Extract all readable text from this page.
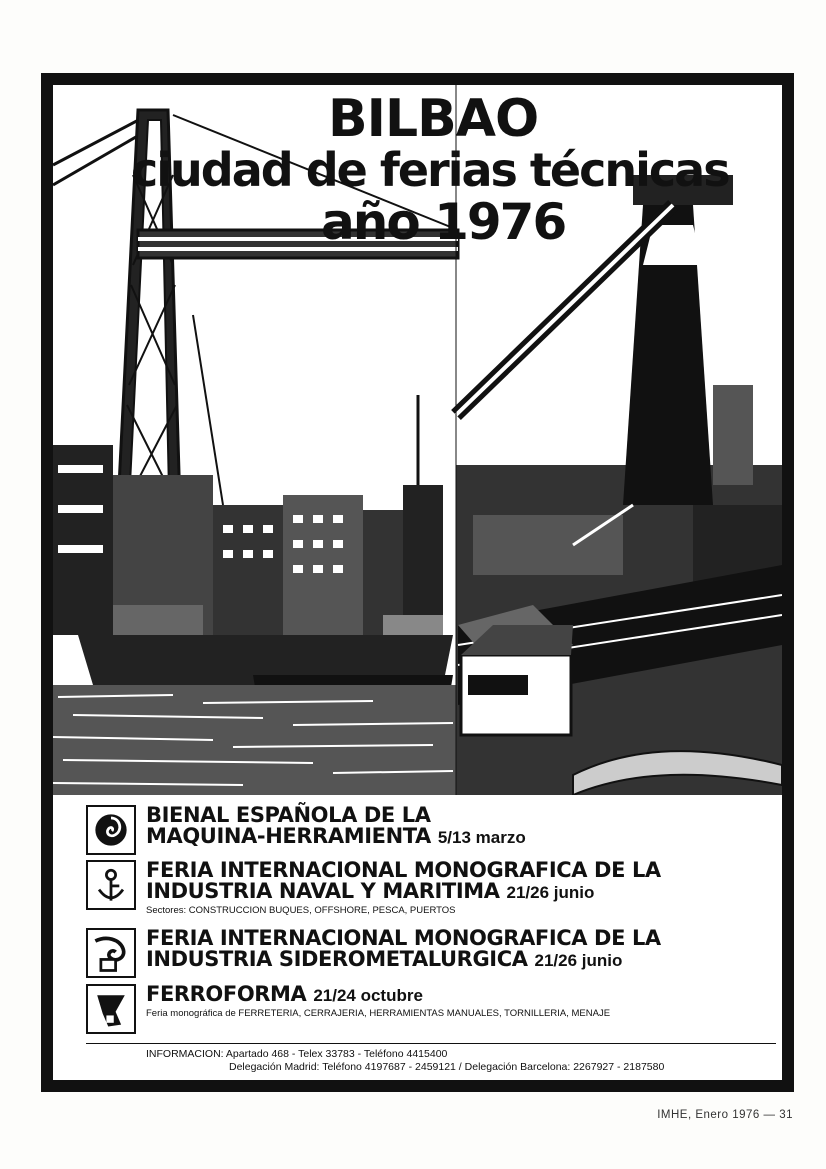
BILBAO
ciudad de ferias técnicas
año 1976
BIENAL ESPAÑOLA DE LA
MAQUINA-HERRAMIENTA 5/13 marzo
FERIA INTERNACIONAL MONOGRAFICA DE LA
INDUSTRIA NAVAL Y MARITIMA 21/26 junio
Sectores: CONSTRUCCION BUQUES, OFFSHORE, PESCA, PUERTOS
FERIA INTERNACIONAL MONOGRAFICA DE LA
INDUSTRIA SIDEROMETALURGICA 21/26 junio
FERROFORMA 21/24 octubre
Feria monográfica de FERRETERIA, CERRAJERIA, HERRAMIENTAS MANUALES, TORNILLERIA, MENAJE
INFORMACION: Apartado 468 - Telex 33783 - Teléfono 4415400
Delegación Madrid: Teléfono 4197687 - 2459121 / Delegación Barcelona: 2267927 - 2187580
IMHE, Enero 1976 — 31
